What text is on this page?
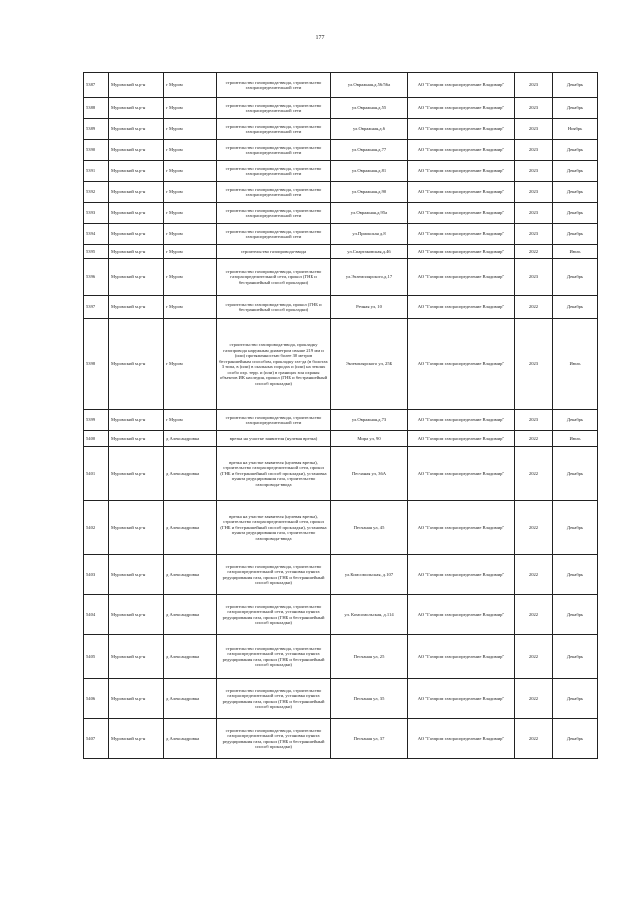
177
5387	Муромский м.р-н	г Муром	строительство газопровода-ввода, строительство газораспределительной сети	ул.Овражная,д.56/56а	АО "Газпром газораспределение Владимир"	2023	Декабрь
5388	Муромский м.р-н	г Муром	строительство газопровода-ввода, строительство газораспределительной сети	ул.Овражная,д.55	АО "Газпром газораспределение Владимир"	2023	Декабрь
5389	Муромский м.р-н	г Муром	строительство газопровода-ввода, строительство газораспределительной сети	ул.Овражная,д.6	АО "Газпром газораспределение Владимир"	2023	Ноябрь
5390	Муромский м.р-н	г Муром	строительство газопровода-ввода, строительство газораспределительной сети	ул.Овражная,д.77	АО "Газпром газораспределение Владимир"	2023	Декабрь
5391	Муромский м.р-н	г Муром	строительство газопровода-ввода, строительство газораспределительной сети	ул.Овражная,д.81	АО "Газпром газораспределение Владимир"	2023	Декабрь
5392	Муромский м.р-н	г Муром	строительство газопровода-ввода, строительство газораспределительной сети	ул.Овражная,д.90	АО "Газпром газораспределение Владимир"	2023	Декабрь
5393	Муромский м.р-н	г Муром	строительство газопровода-ввода, строительство газораспределительной сети	ул.Овражная,д.95а	АО "Газпром газораспределение Владимир"	2023	Декабрь
5394	Муромский м.р-н	г Муром	строительство газопровода-ввода, строительство газораспределительной сети	ул.Приокская д.8	АО "Газпром газораспределение Владимир"	2023	Декабрь
5395	Муромский м.р-н	г Муром	строительство газопровода-ввода	ул.Спартаковская,д.46	АО "Газпром газораспределение Владимир"	2022	Июль
5396	Муромский м.р-н	г Муром	строительство газопровода-ввода, строительство газораспределительной сети, прокол (ГНБ и бестраншейный способ прокладки)	ул.Экземплярского,д.17	АО "Газпром газораспределение Владимир"	2023	Декабрь
5397	Муромский м.р-н	г Муром	строительство газопровода-ввода, прокол (ГНБ и бестраншейный способ прокладки)	Речная ул, 10	АО "Газпром газораспределение Владимир"	2022	Декабрь
5398	Муромский м.р-н	г Муром	строительство газопровода-ввода, прокладку газопровода наружным диаметром свыше 219 мм и (или) протяженностью более 30 метров бестраншейным способом, прокладку газ-да (в болотах 3 типа, в (или) в скальных породах и (или) на землях особо охр. терр. и (или) в границах зон охраны объектов ИК наследия, прокол (ГНБ и бестраншейный способ прокладки)	Экземплярского ул, 25Б	АО "Газпром газораспределение Владимир"	2023	Июль
5399	Муромский м.р-н	г Муром	строительство газопровода-ввода, строительство газораспределительной сети	ул.Овражная,д.73	АО "Газпром газораспределение Владимир"	2023	Декабрь
5400	Муромский м.р-н	д Александровка	врезка на участке заявителя (нулевая врезка)	Мира ул, 90	АО "Газпром газораспределение Владимир"	2022	Июль
5401	Муромский м.р-н	д Александровка	врезка на участке заявителя (нулевая врезка), строительство газораспределительной сети, прокол (ГНБ и бестраншейный способ прокладки), установка пункта редуцирования газа, строительство газопровода-ввода	Песчаная ул, 36А	АО "Газпром газораспределение Владимир"	2022	Декабрь
5402	Муромский м.р-н	д Александровка	врезка на участке заявителя (нулевая врезка), строительство газораспределительной сети, прокол (ГНБ и бестраншейный способ прокладки), установка пункта редуцирования газа, строительство газопровода-ввода	Песчаная ул, 45	АО "Газпром газораспределение Владимир"	2022	Декабрь
5403	Муромский м.р-н	д Александровка	строительство газопровода-ввода, строительство газораспределительной сети, установка пункта редуцирования газа, прокол (ГНБ и бестраншейный способ прокладки)	ул.Комсомольская, д.107	АО "Газпром газораспределение Владимир"	2022	Декабрь
5404	Муромский м.р-н	д Александровка	строительство газопровода-ввода, строительство газораспределительной сети, установка пункта редуцирования газа, прокол (ГНБ и бестраншейный способ прокладки)	ул. Комсомольская, д.114	АО "Газпром газораспределение Владимир"	2022	Декабрь
5405	Муромский м.р-н	д Александровка	строительство газопровода-ввода, строительство газораспределительной сети, установка пункта редуцирования газа, прокол (ГНБ и бестраншейный способ прокладки)	Песчаная ул, 25	АО "Газпром газораспределение Владимир"	2022	Декабрь
5406	Муромский м.р-н	д Александровка	строительство газопровода-ввода, строительство газораспределительной сети, установка пункта редуцирования газа, прокол (ГНБ и бестраншейный способ прокладки)	Песчаная ул, 35	АО "Газпром газораспределение Владимир"	2022	Декабрь
5407	Муромский м.р-н	д Александровка	строительство газопровода-ввода, строительство газораспределительной сети, установка пункта редуцирования газа, прокол (ГНБ и бестраншейный способ прокладки)	Песчаная ул, 37	АО "Газпром газораспределение Владимир"	2022	Декабрь
